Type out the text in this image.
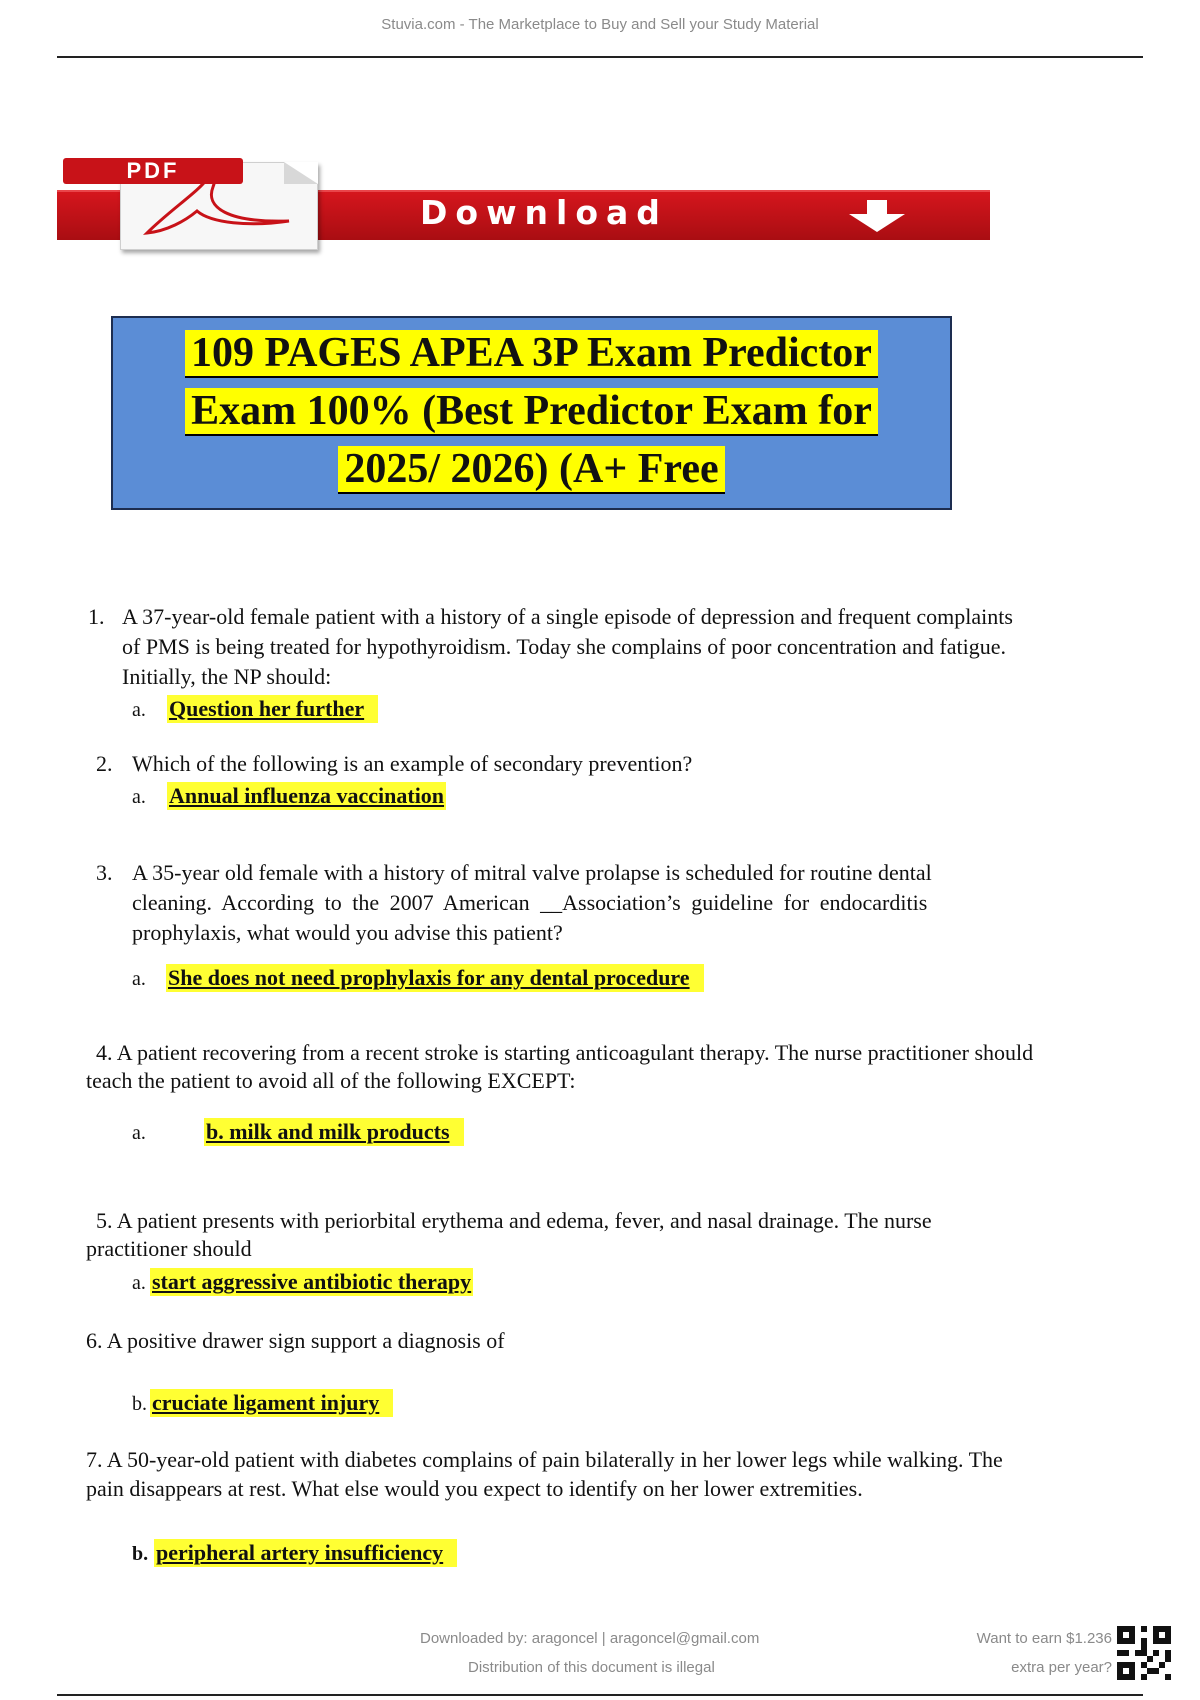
Stuvia.com - The Marketplace to Buy and Sell your Study Material
PDF
Download
109 PAGES APEA 3P Exam Predictor
Exam 100% (Best Predictor Exam for
2025/ 2026) (A+ Free
1. A 37-year-old female patient with a history of a single episode of depression and frequent complaints
of PMS is being treated for hypothyroidism. Today she complains of poor concentration and fatigue.
Initially, the NP should:
a. Question her further
2. Which of the following is an example of secondary prevention?
a. Annual influenza vaccination
3. A 35-year old female with a history of mitral valve prolapse is scheduled for routine dental
cleaning. According to the 2007 American __Association’s guideline for endocarditis
prophylaxis, what would you advise this patient?
a. She does not need prophylaxis for any dental procedure
4. A patient recovering from a recent stroke is starting anticoagulant therapy. The nurse practitioner should
teach the patient to avoid all of the following EXCEPT:
a.	b. milk and milk products
5. A patient presents with periorbital erythema and edema, fever, and nasal drainage. The nurse
practitioner should
a. start aggressive antibiotic therapy
6. A positive drawer sign support a diagnosis of
b. cruciate ligament injury
7. A 50-year-old patient with diabetes complains of pain bilaterally in her lower legs while walking. The
pain disappears at rest. What else would you expect to identify on her lower extremities.
b. peripheral artery insufficiency
Downloaded by: aragoncel | aragoncel@gmail.com
Distribution of this document is illegal
Want to earn $1.236
extra per year?
